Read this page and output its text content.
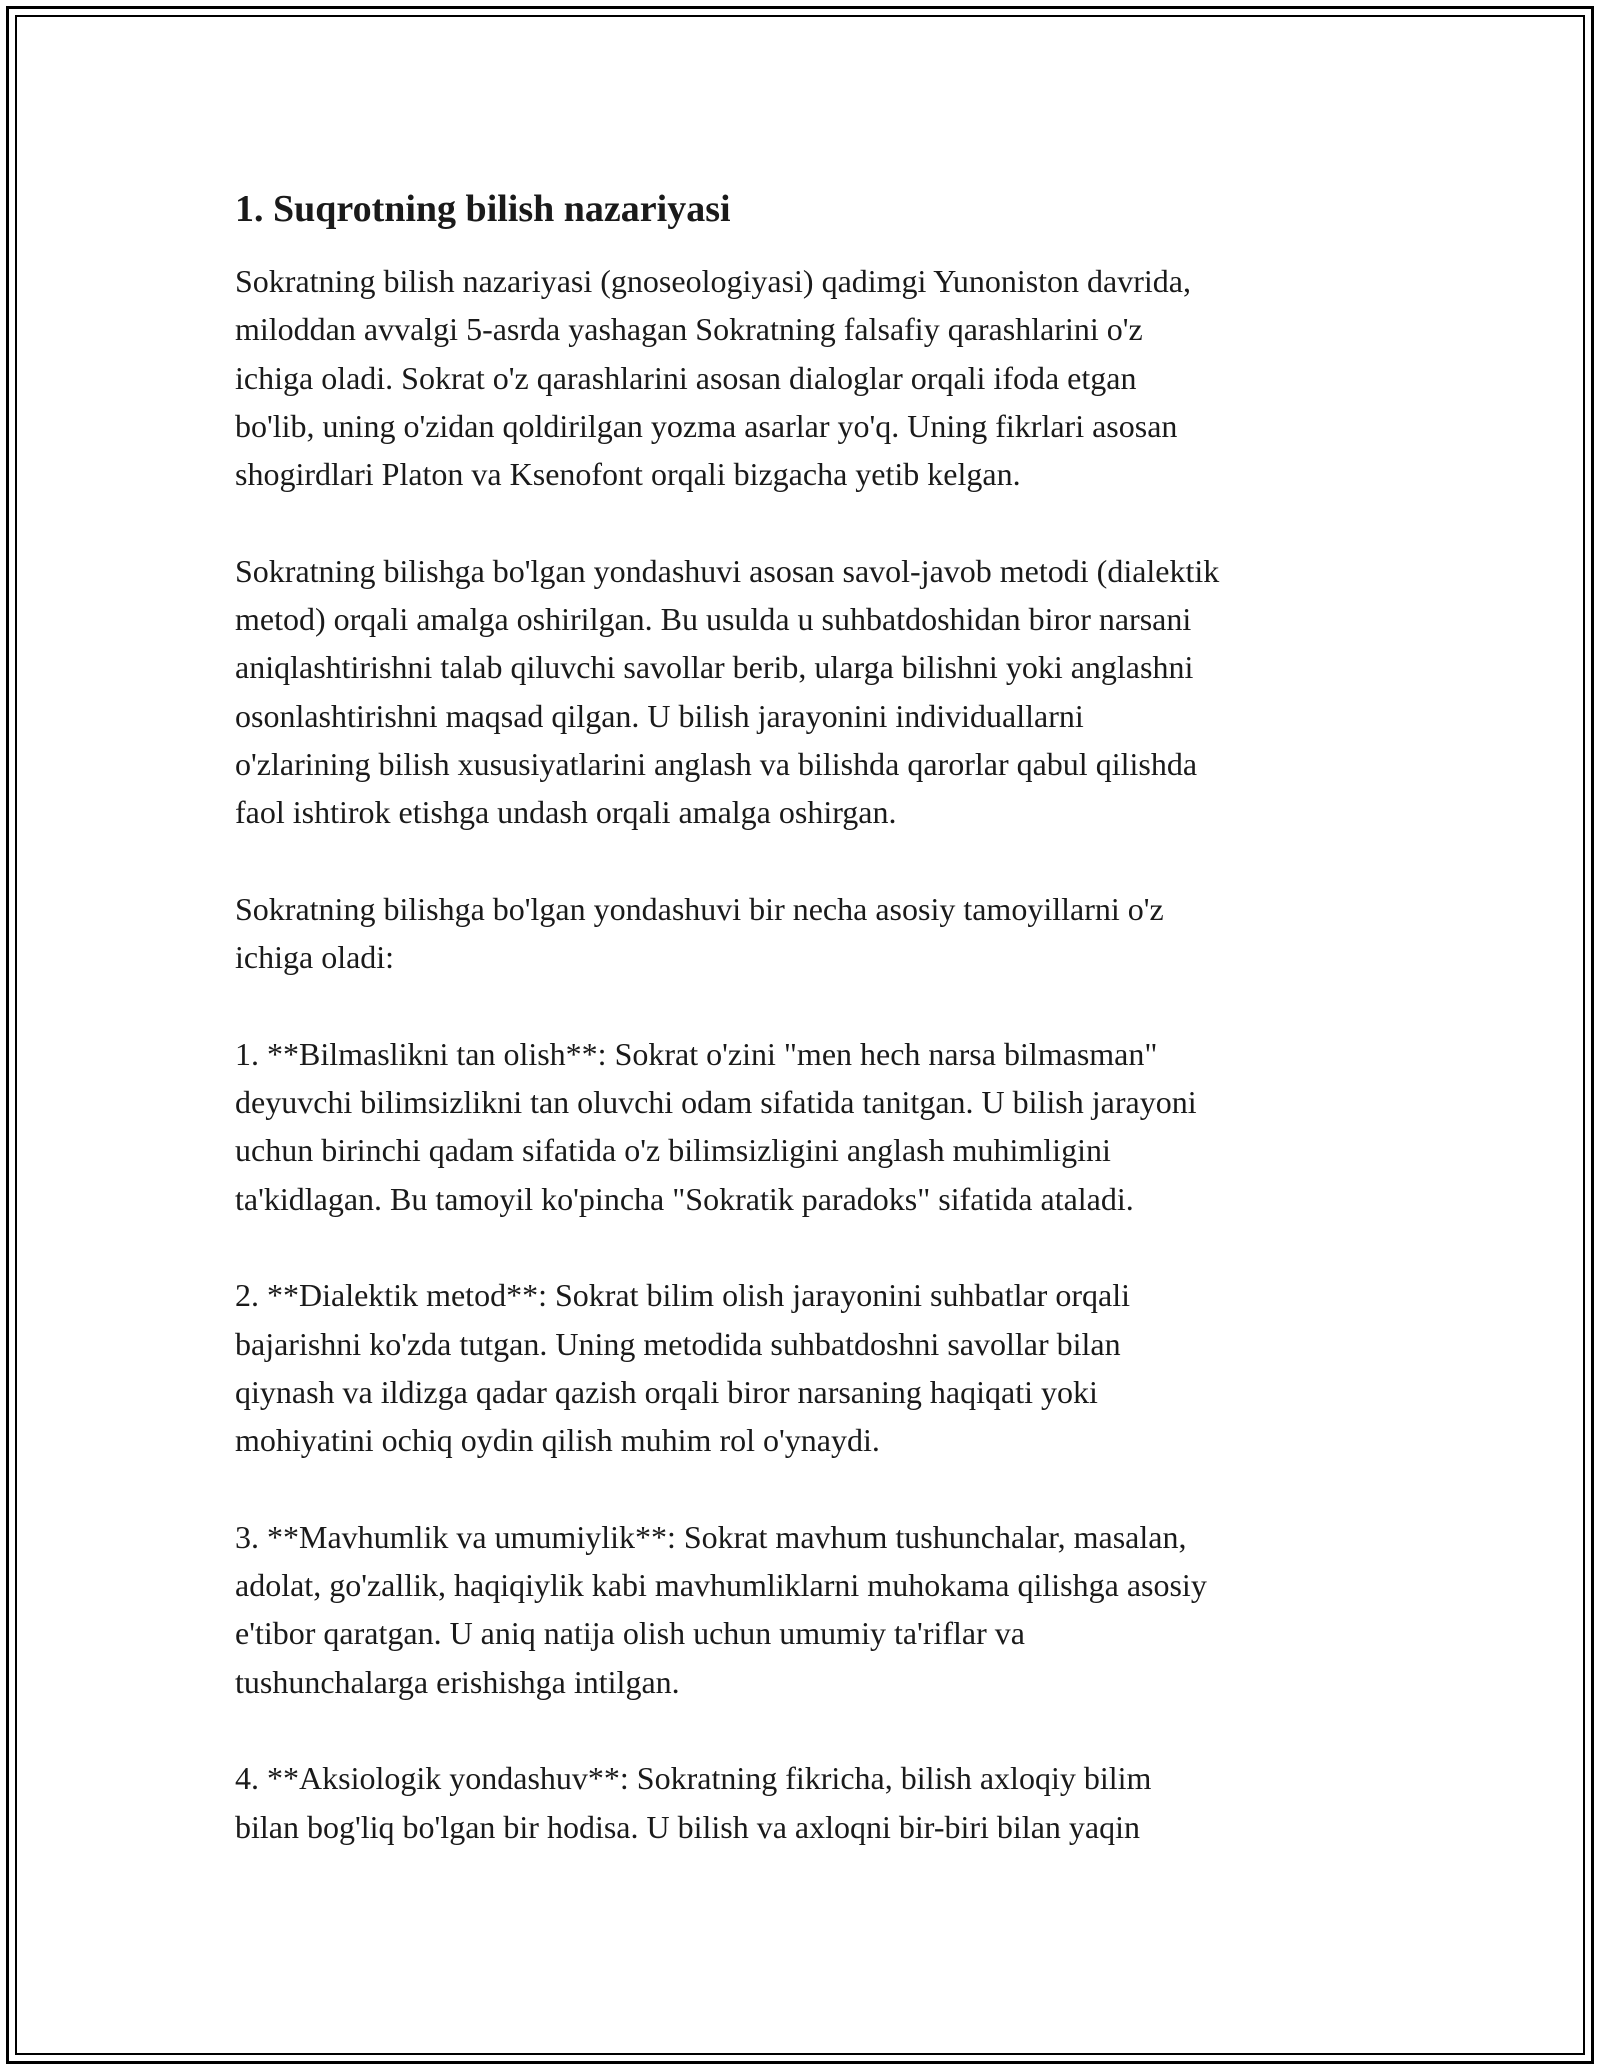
1. Suqrotning bilish nazariyasi

Sokratning bilish nazariyasi (gnoseologiyasi) qadimgi Yunoniston davrida,
miloddan avvalgi 5-asrda yashagan Sokratning falsafiy qarashlarini o'z
ichiga oladi. Sokrat o'z qarashlarini asosan dialoglar orqali ifoda etgan
bo'lib, uning o'zidan qoldirilgan yozma asarlar yo'q. Uning fikrlari asosan
shogirdlari Platon va Ksenofont orqali bizgacha yetib kelgan.

Sokratning bilishga bo'lgan yondashuvi asosan savol-javob metodi (dialektik
metod) orqali amalga oshirilgan. Bu usulda u suhbatdoshidan biror narsani
aniqlashtirishni talab qiluvchi savollar berib, ularga bilishni yoki anglashni
osonlashtirishni maqsad qilgan. U bilish jarayonini individuallarni
o'zlarining bilish xususiyatlarini anglash va bilishda qarorlar qabul qilishda
faol ishtirok etishga undash orqali amalga oshirgan.

Sokratning bilishga bo'lgan yondashuvi bir necha asosiy tamoyillarni o'z
ichiga oladi:

1. **Bilmaslikni tan olish**: Sokrat o'zini "men hech narsa bilmasman"
deyuvchi bilimsizlikni tan oluvchi odam sifatida tanitgan. U bilish jarayoni
uchun birinchi qadam sifatida o'z bilimsizligini anglash muhimligini
ta'kidlagan. Bu tamoyil ko'pincha "Sokratik paradoks" sifatida ataladi.

2. **Dialektik metod**: Sokrat bilim olish jarayonini suhbatlar orqali
bajarishni ko'zda tutgan. Uning metodida suhbatdoshni savollar bilan
qiynash va ildizga qadar qazish orqali biror narsaning haqiqati yoki
mohiyatini ochiq oydin qilish muhim rol o'ynaydi.

3. **Mavhumlik va umumiylik**: Sokrat mavhum tushunchalar, masalan,
adolat, go'zallik, haqiqiylik kabi mavhumliklarni muhokama qilishga asosiy
e'tibor qaratgan. U aniq natija olish uchun umumiy ta'riflar va
tushunchalarga erishishga intilgan.

4. **Aksiologik yondashuv**: Sokratning fikricha, bilish axloqiy bilim
bilan bog'liq bo'lgan bir hodisa. U bilish va axloqni bir-biri bilan yaqin
